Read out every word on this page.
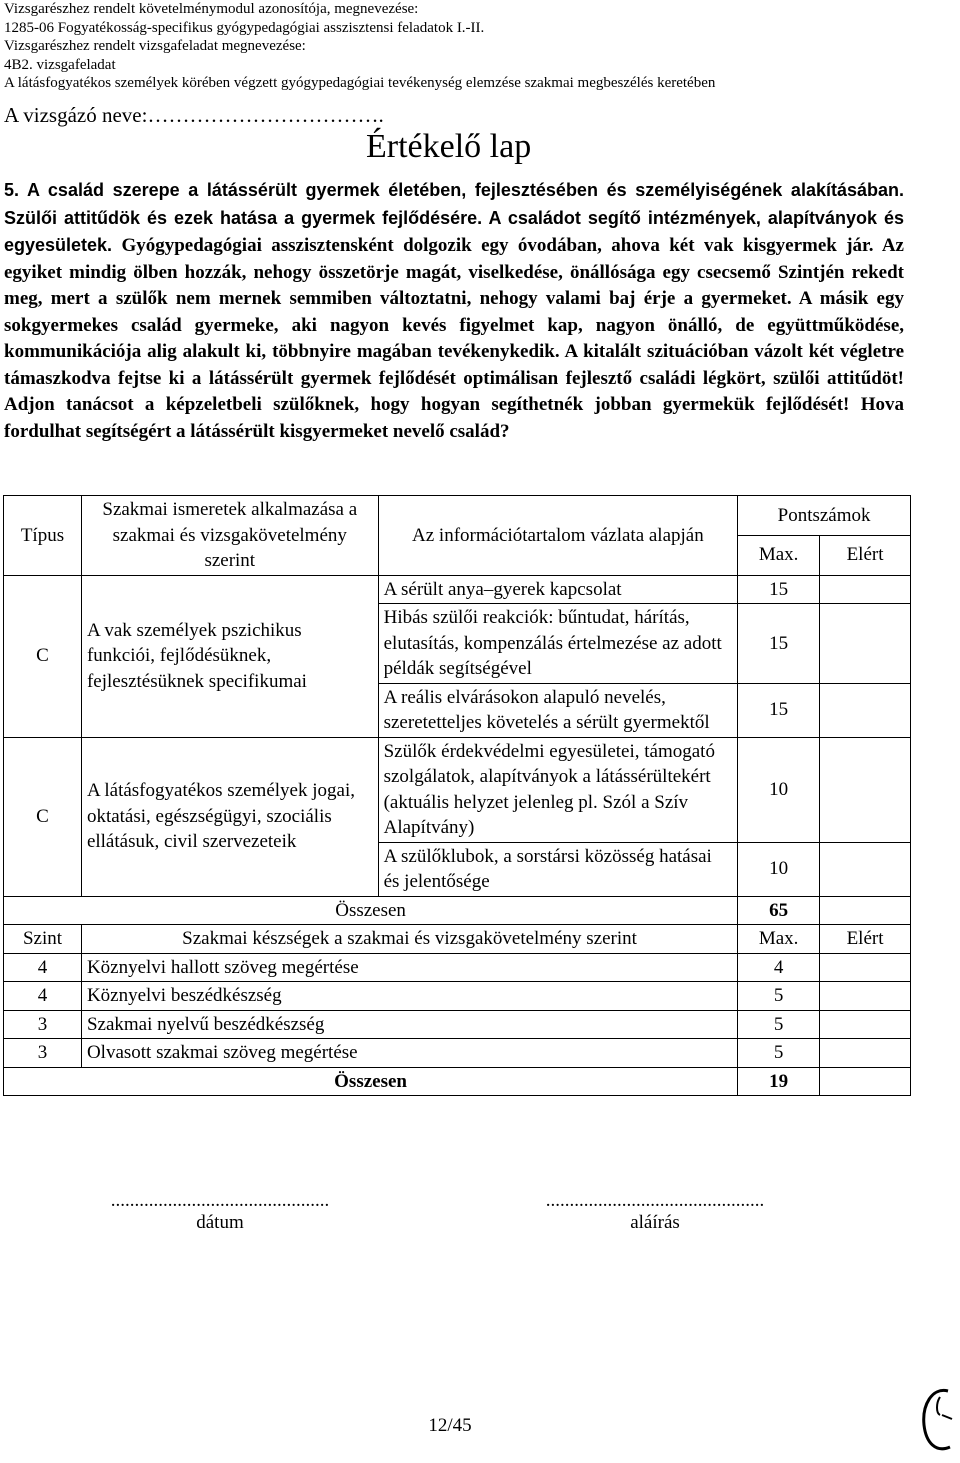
Vizsgarészhez rendelt követelménymodul azonosítója, megnevezése:
1285-06 Fogyatékosság-specifikus gyógypedagógiai asszisztensi feladatok I.-II.
Vizsgarészhez rendelt vizsgafeladat megnevezése:
4B2. vizsgafeladat
A látásfogyatékos személyek körében végzett gyógypedagógiai tevékenység elemzése szakmai megbeszélés keretében
A vizsgázó neve:…………………………….
Értékelő lap
5. A család szerepe a látássérült gyermek életében, fejlesztésében és személyiségének alakításában. Szülői attitűdök és ezek hatása a gyermek fejlődésére. A családot segítő intézmények, alapítványok és egyesületek. Gyógypedagógiai asszisztensként dolgozik egy óvodában, ahova két vak kisgyermek jár. Az egyiket mindig ölben hozzák, nehogy összetörje magát, viselkedése, önállósága egy csecsemő Szintjén rekedt meg, mert a szülők nem mernek semmiben változtatni, nehogy valami baj érje a gyermeket. A másik egy sokgyermekes család gyermeke, aki nagyon kevés figyelmet kap, nagyon önálló, de együttműködése, kommunikációja alig alakult ki, többnyire magában tevékenykedik. A kitalált szituációban vázolt két végletre támaszkodva fejtse ki a látássérült gyermek fejlődését optimálisan fejlesztő családi légkört, szülői attitűdöt! Adjon tanácsot a képzeletbeli szülőknek, hogy hogyan segíthetnék jobban gyermekük fejlődését! Hova fordulhat segítségért a látássérült kisgyermeket nevelő család?
Típus	Szakmai ismeretek alkalmazása a szakmai és vizsgakövetelmény szerint	Az információtartalom vázlata alapján	Pontszámok	
			Max.	Elért
C	A vak személyek pszichikus funkciói, fejlődésüknek, fejlesztésüknek specifikumai	A sérült anya–gyerek kapcsolat	15	
		Hibás szülői reakciók: bűntudat, hárítás, elutasítás, kompenzálás értelmezése az adott példák segítségével	15	
		A reális elvárásokon alapuló nevelés, szeretetteljes követelés a sérült gyermektől	15	
C	A látásfogyatékos személyek jogai, oktatási, egészségügyi, szociális ellátásuk, civil szervezeteik	Szülők érdekvédelmi egyesületei, támogató szolgálatok, alapítványok a látássérültekért (aktuális helyzet jelenleg pl. Szól a Szív Alapítvány)	10	
		A szülőklubok, a sorstársi közösség hatásai és jelentősége	10	
Összesen			65	
Szint	Szakmai készségek a szakmai és vizsgakövetelmény szerint		Max.	Elért
4	Köznyelvi hallott szöveg megértése		4	
4	Köznyelvi beszédkészség		5	
3	Szakmai nyelvű beszédkészség		5	
3	Olvasott szakmai szöveg megértése		5	
Összesen			19	
..............................................
dátum
..............................................
aláírás
12/45
